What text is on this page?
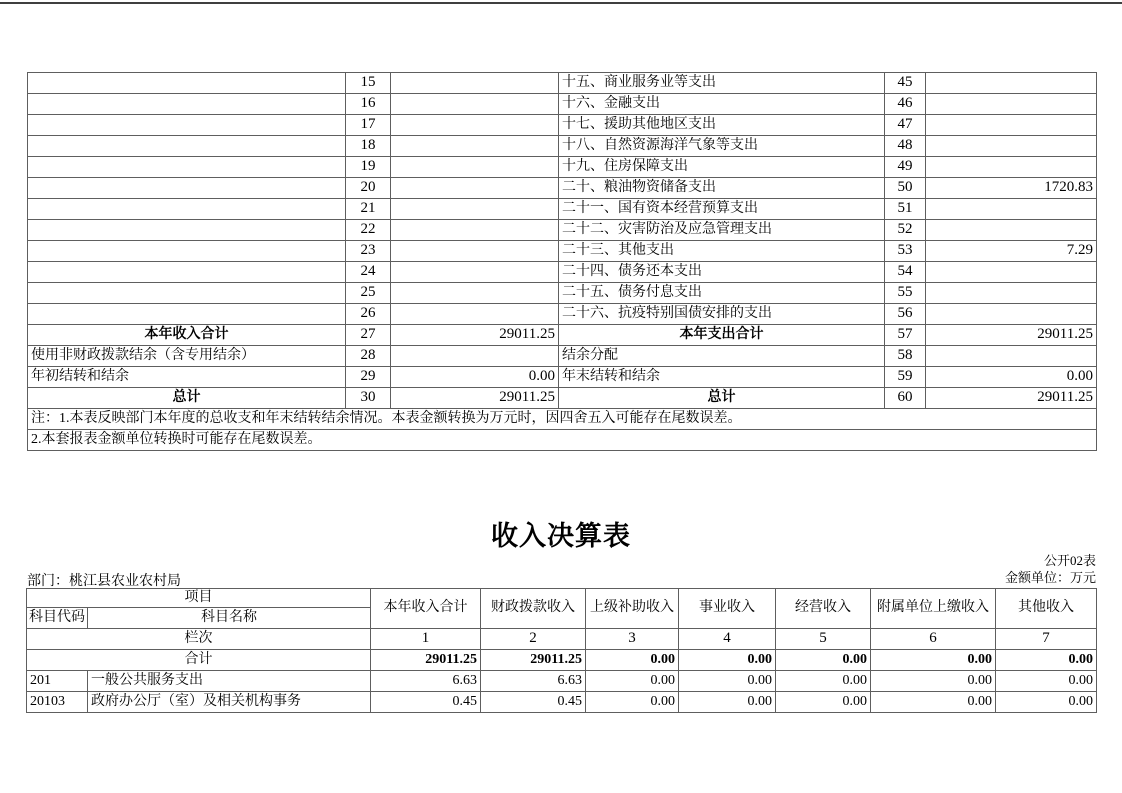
	15		十五、商业服务业等支出	45	
	16		十六、金融支出	46	
	17		十七、援助其他地区支出	47	
	18		十八、自然资源海洋气象等支出	48	
	19		十九、住房保障支出	49	
	20		二十、粮油物资储备支出	50	1720.83
	21		二十一、国有资本经营预算支出	51	
	22		二十二、灾害防治及应急管理支出	52	
	23		二十三、其他支出	53	7.29
	24		二十四、债务还本支出	54	
	25		二十五、债务付息支出	55	
	26		二十六、抗疫特别国债安排的支出	56	
本年收入合计	27	29011.25	本年支出合计	57	29011.25
使用非财政拨款结余（含专用结余）	28		结余分配	58	
年初结转和结余	29	0.00	年末结转和结余	59	0.00
总计	30	29011.25	总计	60	29011.25
注：1.本表反映部门本年度的总收支和年末结转结余情况。本表金额转换为万元时，因四舍五入可能存在尾数误差。					
2.本套报表金额单位转换时可能存在尾数误差。					
收入决算表
公开02表
金额单位：万元
部门：桃江县农业农村局
项目		本年收入合计	财政拨款收入	上级补助收入	事业收入	经营收入	附属单位上缴收入	其他收入
科目代码	科目名称							
栏次		1	2	3	4	5	6	7
合计		29011.25	29011.25	0.00	0.00	0.00	0.00	0.00
201	一般公共服务支出	6.63	6.63	0.00	0.00	0.00	0.00	0.00
20103	政府办公厅（室）及相关机构事务	0.45	0.45	0.00	0.00	0.00	0.00	0.00
